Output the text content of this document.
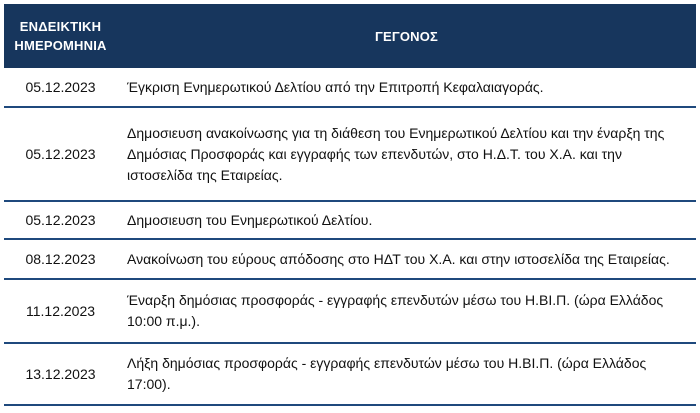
ΕΝΔΕΙΚΤΙΚΗ
ΗΜΕΡΟΜΗΝΙΑ	ΓΕΓΟΝΟΣ
05.12.2023	Έγκριση Ενημερωτικού Δελτίου από την Επιτροπή Κεφαλαιαγοράς.
05.12.2023	Δημοσιευση ανακοίνωσης για τη διάθεση του Ενημερωτικού Δελτίου και την έναρξη της Δημόσιας Προσφοράς και εγγραφής των επενδυτών, στο Η.Δ.Τ. του Χ.Α. και την ιστοσελίδα της Εταιρείας.
05.12.2023	Δημοσιευση του Ενημερωτικού Δελτίου.
08.12.2023	Ανακοίνωση του εύρους απόδοσης στο ΗΔΤ του Χ.Α. και στην ιστοσελίδα της Εταιρείας.
11.12.2023	Έναρξη δημόσιας προσφοράς - εγγραφής επενδυτών μέσω του Η.ΒΙ.Π. (ώρα Ελλάδος 10:00 π.μ.).
13.12.2023	Λήξη δημόσιας προσφοράς - εγγραφής επενδυτών μέσω του Η.ΒΙ.Π. (ώρα Ελλάδος 17:00).
